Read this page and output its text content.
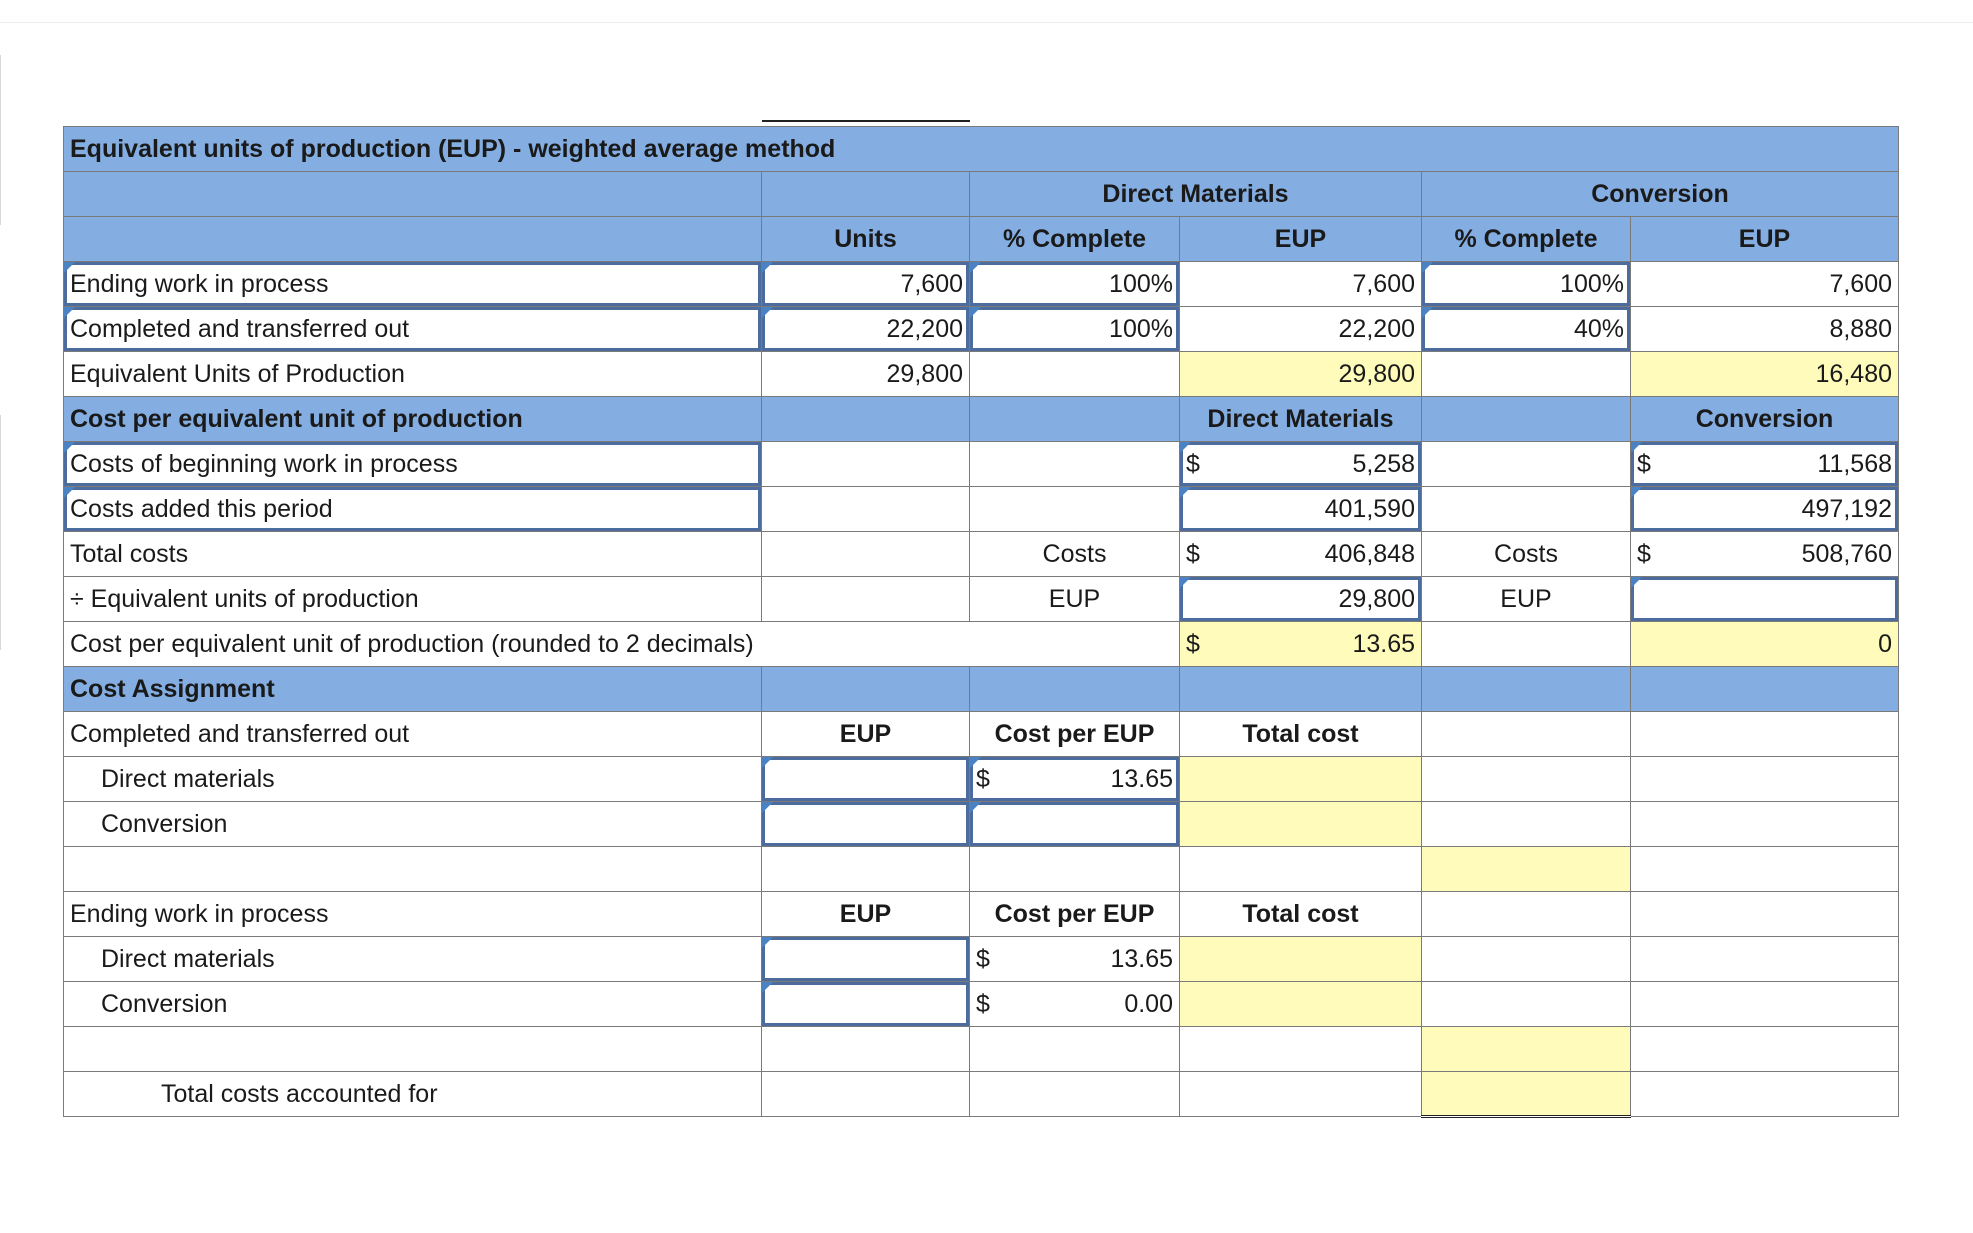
Equivalent units of production (EUP) - weighted average method					
		Direct Materials		Conversion	
	Units	% Complete	EUP	% Complete	EUP
Ending work in process	7,600	100%	7,600	100%	7,600
Completed and transferred out	22,200	100%	22,200	40%	8,880
Equivalent Units of Production	29,800		29,800		16,480
Cost per equivalent unit of production			Direct Materials		Conversion
Costs of beginning work in process			$ 5,258		$ 11,568

Costs added this period			401,590		497,192
Total costs		Costs	$ 406,848	Costs	$ 508,760

÷ Equivalent units of production		EUP	29,800	EUP	
Cost per equivalent unit of production (rounded to 2 decimals)			$ 13.65		0
Cost Assignment					
Completed and transferred out	EUP	Cost per EUP	Total cost		
Direct materials		$ 13.65			

Conversion					

Ending work in process	EUP	Cost per EUP	Total cost		
Direct materials		$ 13.65			

Conversion		$ 0.00			

Total costs accounted for					
